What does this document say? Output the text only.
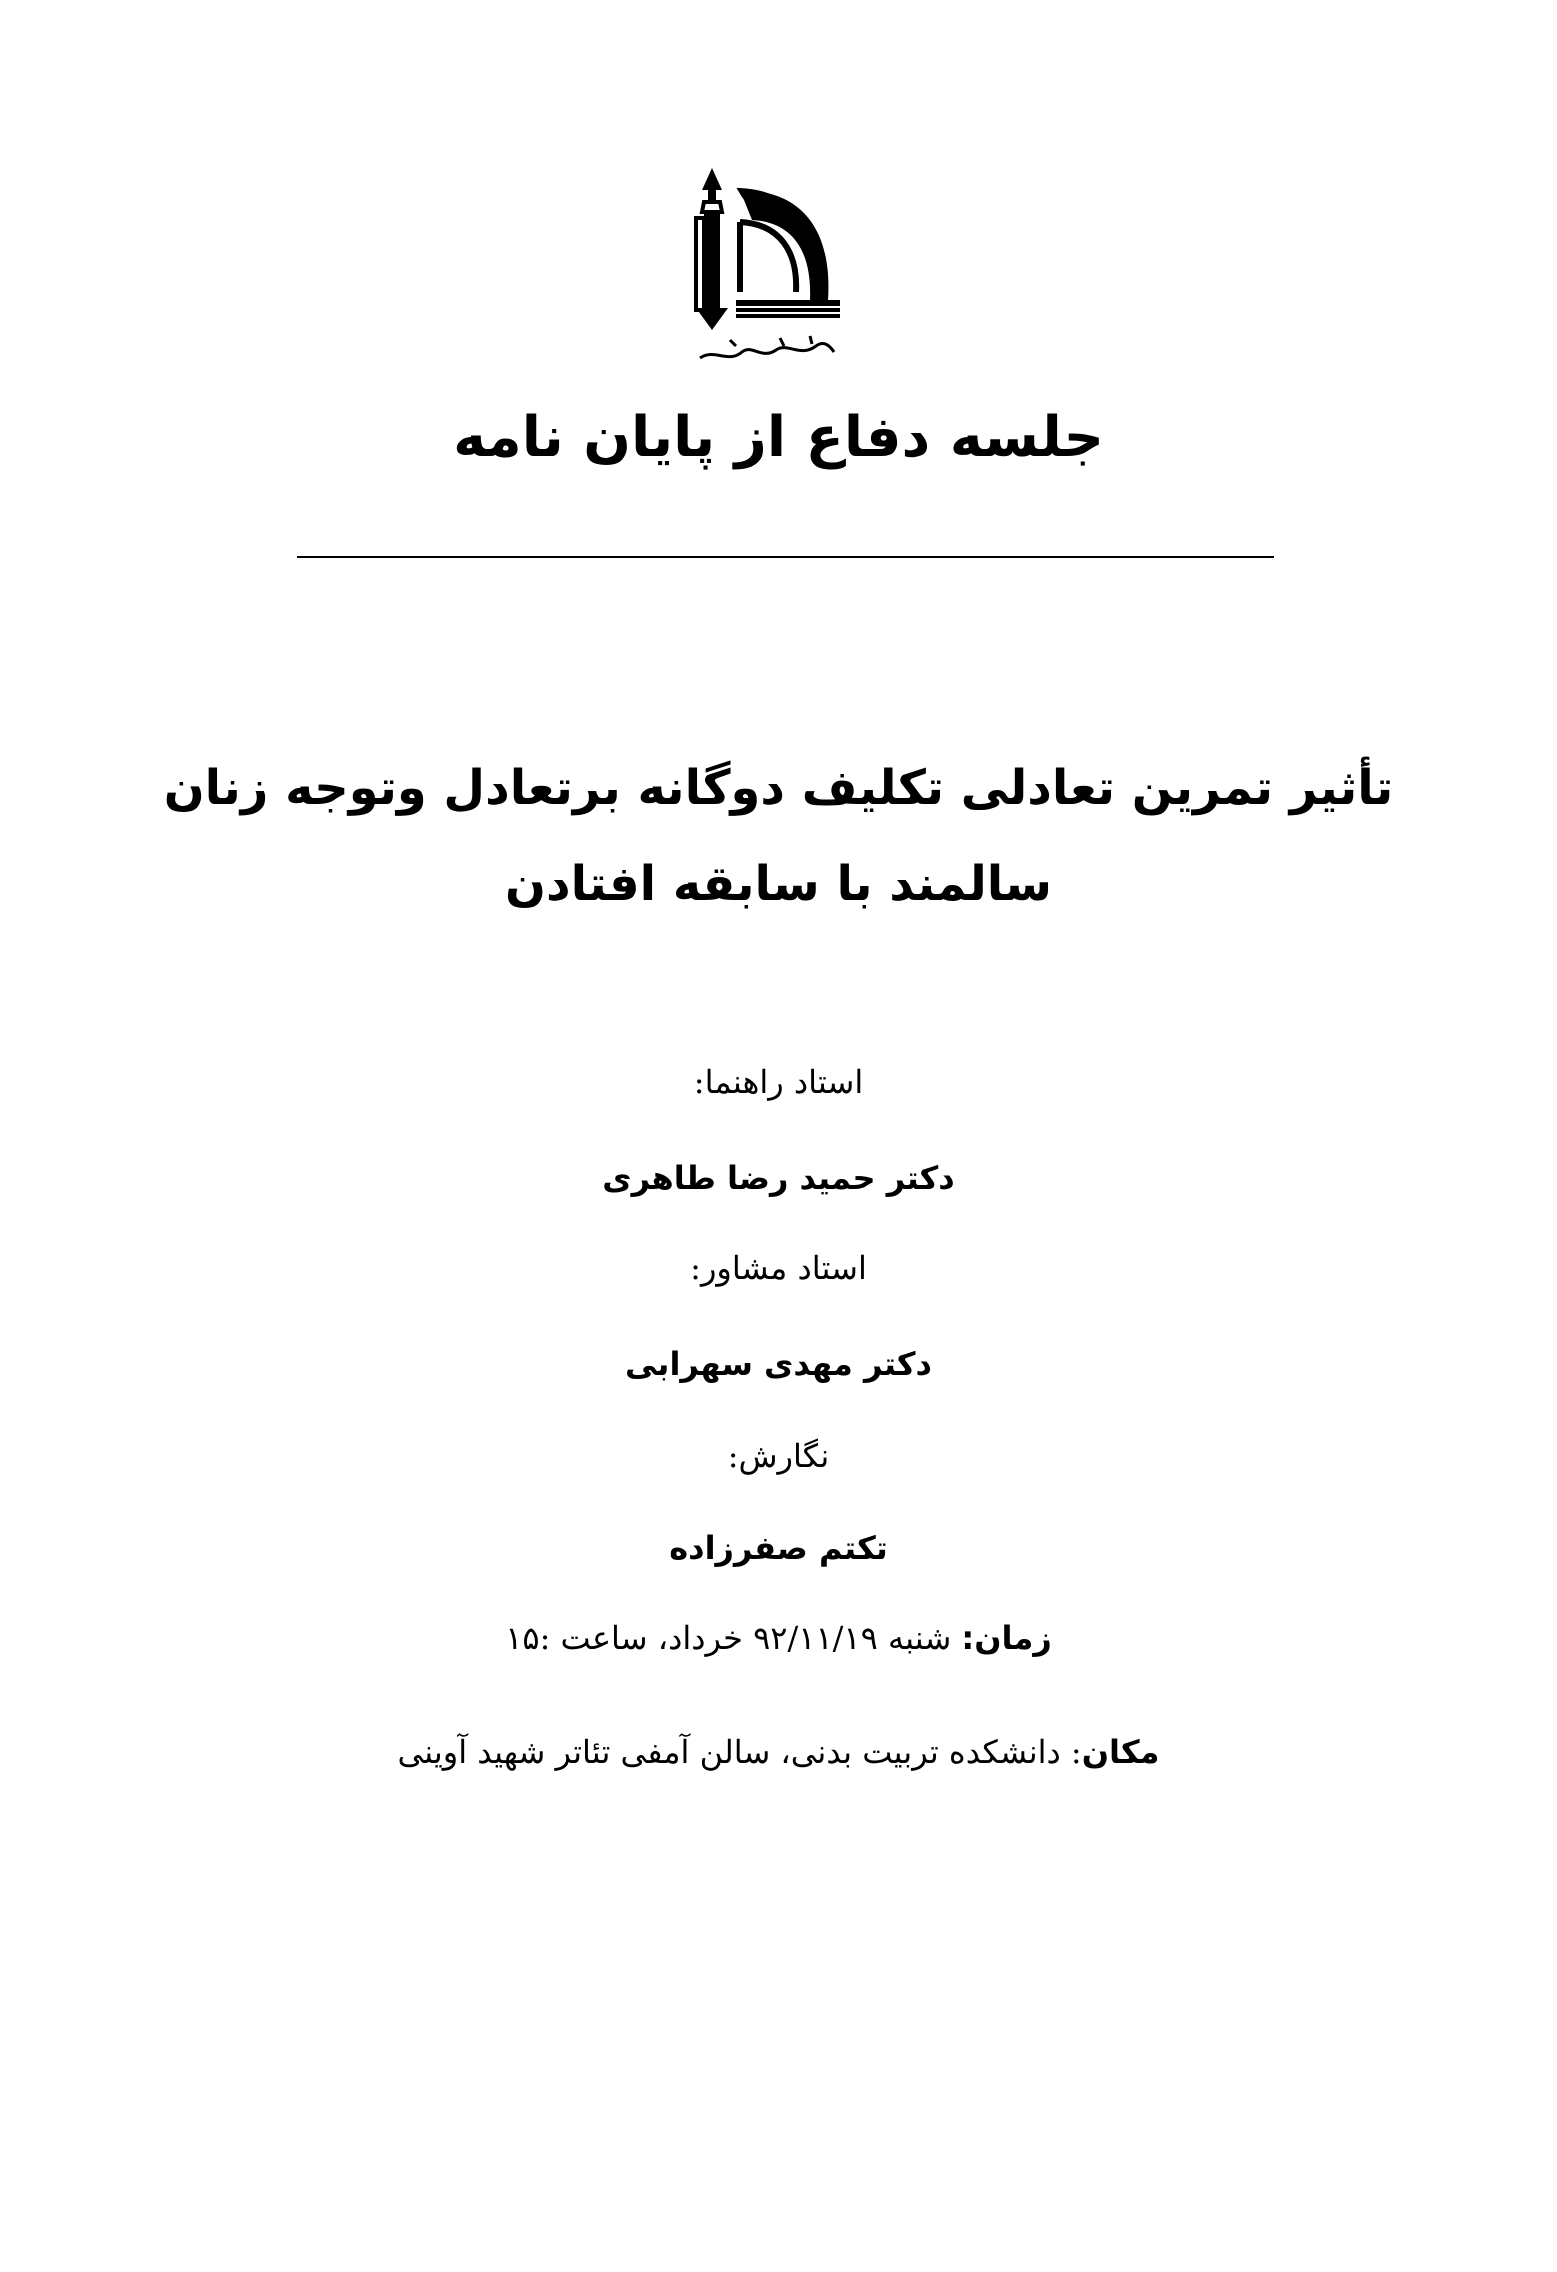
جلسه دفاع از پایان نامه
تأثیر تمرین تعادلی تکلیف دوگانه برتعادل وتوجه زنان سالمند با سابقه افتادن
استاد راهنما:
دکتر حمید رضا طاهری
استاد مشاور:
دکتر مهدی سهرابی
نگارش:
تکتم صفرزاده
زمان: شنبه ۹۲/۱۱/۱۹ خرداد، ساعت :۱۵
مکان: دانشکده تربیت بدنی، سالن آمفی تئاتر شهید آوینی
